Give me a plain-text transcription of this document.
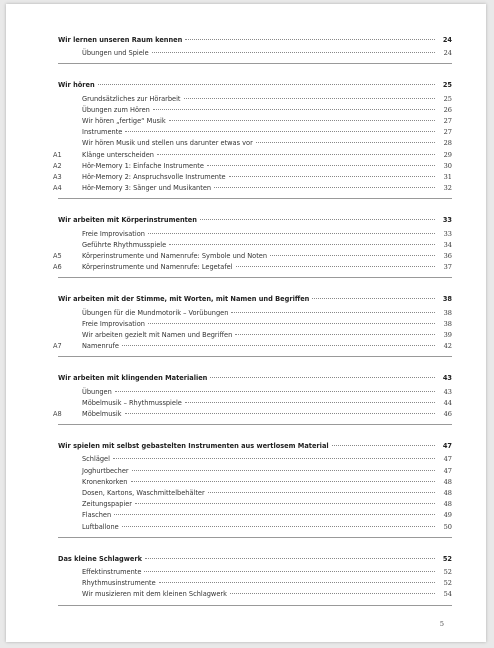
Wir lernen unseren Raum kennen	24
Übungen und Spiele	24
Wir hören	25
Grundsätzliches zur Hörarbeit	25
Übungen zum Hören	26
Wir hören „fertige“ Musik	27
Instrumente	27
Wir hören Musik und stellen uns darunter etwas vor	28
A1	Klänge unterscheiden	29
A2	Hör-Memory 1: Einfache Instrumente	30
A3	Hör-Memory 2: Anspruchsvolle Instrumente	31
A4	Hör-Memory 3: Sänger und Musikanten	32
Wir arbeiten mit Körperinstrumenten	33
Freie Improvisation	33
Geführte Rhythmusspiele	34
A5	Körperinstrumente und Namenrufe: Symbole und Noten	36
A6	Körperinstrumente und Namenrufe: Legetafel	37
Wir arbeiten mit der Stimme, mit Worten, mit Namen und Begriffen	38
Übungen für die Mundmotorik – Vorübungen	38
Freie Improvisation	38
Wir arbeiten gezielt mit Namen und Begriffen	39
A7	Namenrufe	42
Wir arbeiten mit klingenden Materialien	43
Übungen	43
Möbelmusik – Rhythmusspiele	44
A8	Möbelmusik	46
Wir spielen mit selbst gebastelten Instrumenten aus wertlosem Material	47
Schlägel	47
Joghurtbecher	47
Kronenkorken	48
Dosen, Kartons, Waschmittelbehälter	48
Zeitungspapier	48
Flaschen	49
Luftballone	50
Das kleine Schlagwerk	52
Effektinstrumente	52
Rhythmusinstrumente	52
Wir musizieren mit dem kleinen Schlagwerk	54
5
